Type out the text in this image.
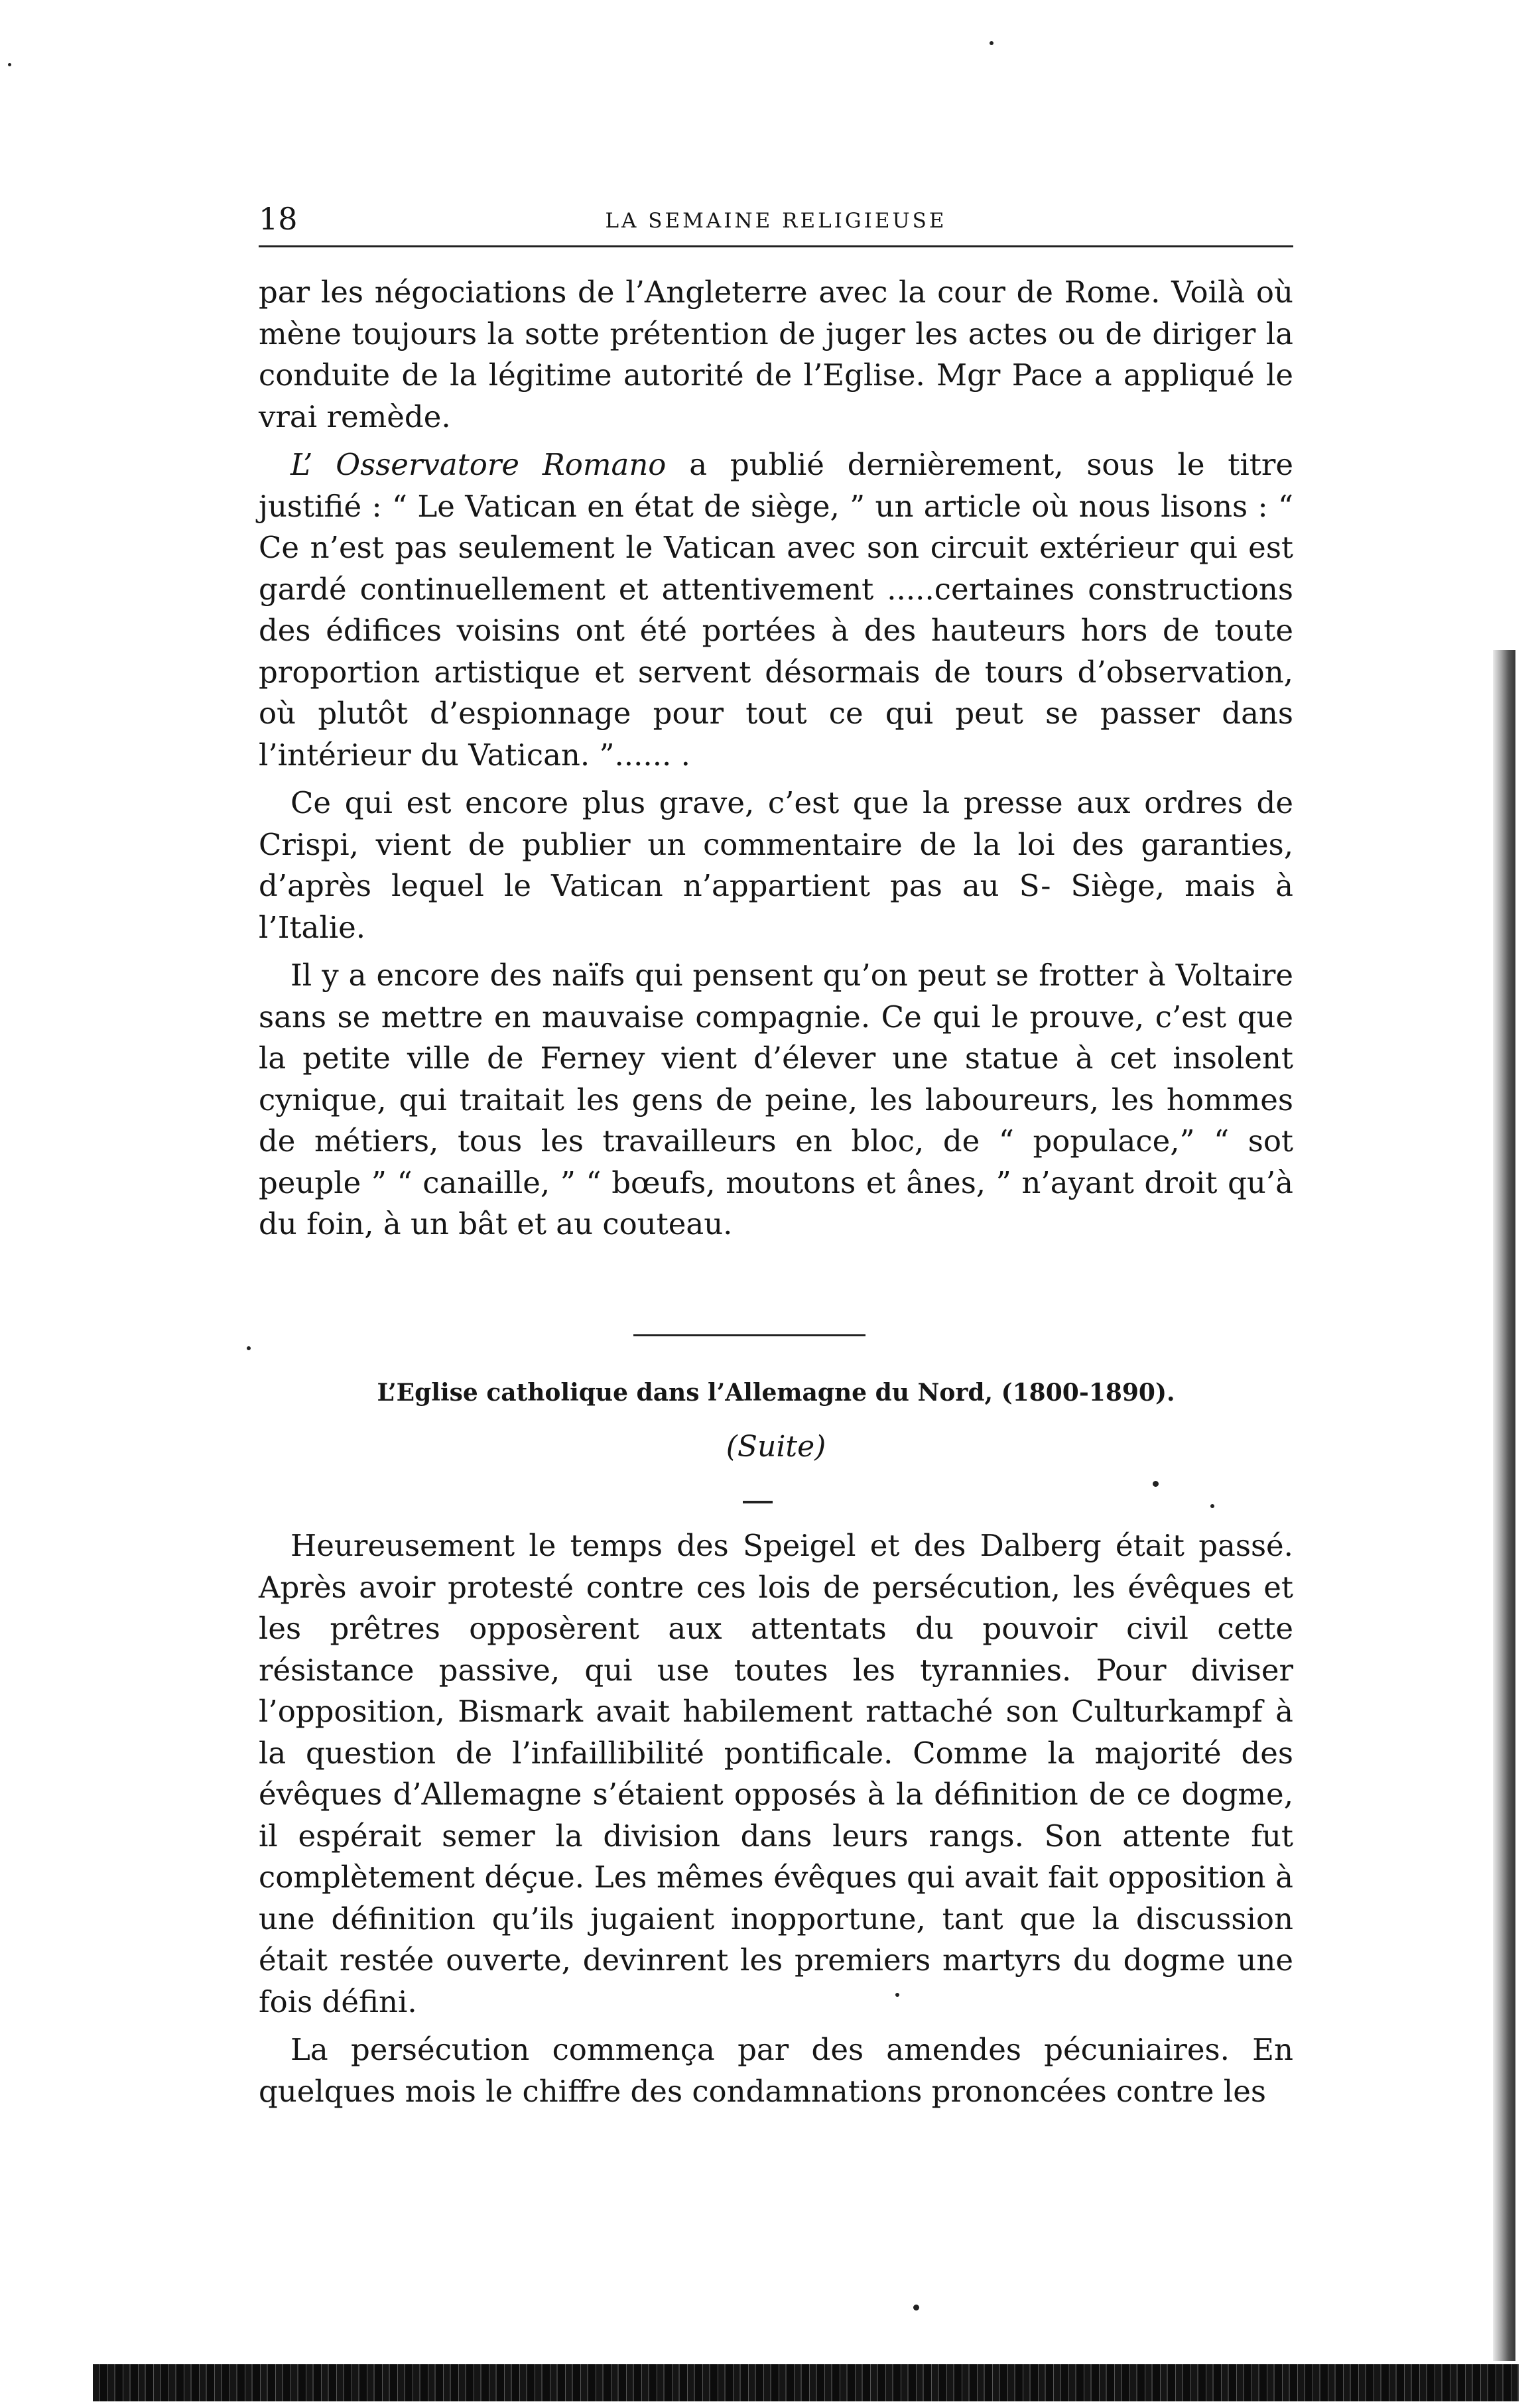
18	LA SEMAINE RELIGIEUSE

par les négociations de l’Angleterre avec la cour de Rome. Voilà où mène toujours la sotte prétention de juger les actes ou de diriger la conduite de la légitime autorité de l’Eglise. Mgr Pace a appliqué le vrai remède.

L’ Osservatore Romano a publié dernièrement, sous le titre justifié : “ Le Vatican en état de siège, ” un article où nous lisons : “ Ce n’est pas seulement le Vatican avec son circuit extérieur qui est gardé continuellement et attentivement .....certaines constructions des édifices voisins ont été portées à des hauteurs hors de toute proportion artistique et servent désormais de tours d’observation, où plutôt d’espionnage pour tout ce qui peut se passer dans l’intérieur du Vatican. ”...... .

Ce qui est encore plus grave, c’est que la presse aux ordres de Crispi, vient de publier un commentaire de la loi des garanties, d’après lequel le Vatican n’appartient pas au S- Siège, mais à l’Italie.

Il y a encore des naïfs qui pensent qu’on peut se frotter à Voltaire sans se mettre en mauvaise compagnie. Ce qui le prouve, c’est que la petite ville de Ferney vient d’élever une statue à cet insolent cynique, qui traitait les gens de peine, les laboureurs, les hommes de métiers, tous les travailleurs en bloc, de “ populace,” “ sot peuple ” “ canaille, ” “ bœufs, moutons et ânes, ” n’ayant droit qu’à du foin, à un bât et au couteau.

L’Eglise catholique dans l’Allemagne du Nord, (1800-1890).
(Suite)

Heureusement le temps des Speigel et des Dalberg était passé. Après avoir protesté contre ces lois de persécution, les évêques et les prêtres opposèrent aux attentats du pouvoir civil cette résistance passive, qui use toutes les tyrannies. Pour diviser l’opposition, Bismark avait habilement rattaché son Culturkampf à la question de l’infaillibilité pontificale. Comme la majorité des évêques d’Allemagne s’étaient opposés à la définition de ce dogme, il espérait semer la division dans leurs rangs. Son attente fut complètement déçue. Les mêmes évêques qui avait fait opposition à une définition qu’ils jugaient inopportune, tant que la discussion était restée ouverte, devinrent les premiers martyrs du dogme une fois défini.

La persécution commença par des amendes pécuniaires. En quelques mois le chiffre des condamnations prononcées contre les
